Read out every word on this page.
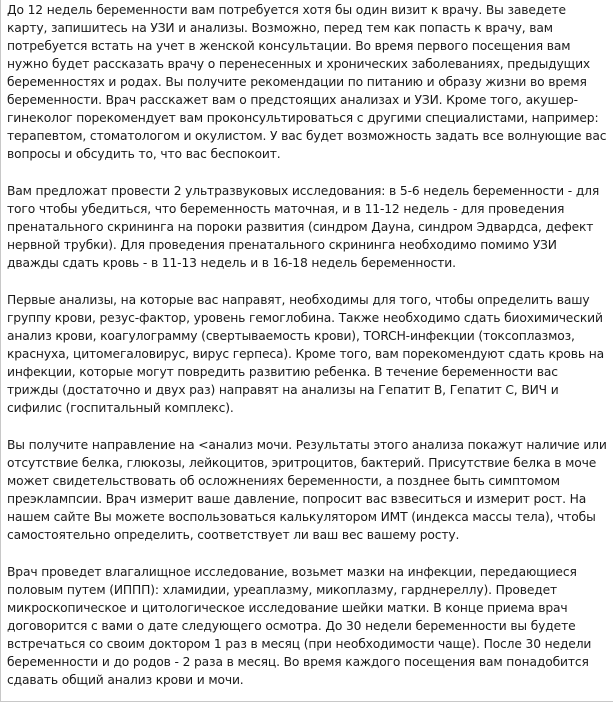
До 12 недель беременности вам потребуется хотя бы один визит к врачу. Вы заведете карту, запишитесь на УЗИ и анализы. Возможно, перед тем как попасть к врачу, вам потребуется встать на учет в женской консультации. Во время первого посещения вам нужно будет рассказать врачу о перенесенных и хронических заболеваниях, предыдущих беременностях и родах. Вы получите рекомендации по питанию и образу жизни во время беременности. Врач расскажет вам о предстоящих анализах и УЗИ. Кроме того, акушер-гинеколог порекомендует вам проконсультироваться с другими специалистами, например: терапевтом, стоматологом и окулистом. У вас будет возможность задать все волнующие вас вопросы и обсудить то, что вас беспокоит.

Вам предложат провести 2 ультразвуковых исследования: в 5-6 недель беременности - для того чтобы убедиться, что беременность маточная, и в 11-12 недель - для проведения пренатального скрининга на пороки развития (синдром Дауна, синдром Эдвардса, дефект нервной трубки). Для проведения пренатального скрининга необходимо помимо УЗИ дважды сдать кровь - в 11-13 недель и в 16-18 недель беременности.

Первые анализы, на которые вас направят, необходимы для того, чтобы определить вашу группу крови, резус-фактор, уровень гемоглобина. Также необходимо сдать биохимический анализ крови, коагулограмму (свертываемость крови), TORCH-инфекции (токсоплазмоз, краснуха, цитомегаловирус, вирус герпеса). Кроме того, вам порекомендуют сдать кровь на инфекции, которые могут повредить развитию ребенка. В течение беременности вас трижды (достаточно и двух раз) направят на анализы на Гепатит В, Гепатит С, ВИЧ и сифилис (госпитальный комплекс).

Вы получите направление на <анализ мочи. Результаты этого анализа покажут наличие или отсутствие белка, глюкозы, лейкоцитов, эритроцитов, бактерий. Присутствие белка в моче может свидетельствовать об осложнениях беременности, а позднее быть симптомом преэклампсии. Врач измерит ваше давление, попросит вас взвеситься и измерит рост. На нашем сайте Вы можете воспользоваться калькулятором ИМТ (индекса массы тела), чтобы самостоятельно определить, соответствует ли ваш вес вашему росту.

Врач проведет влагалищное исследование, возьмет мазки на инфекции, передающиеся половым путем (ИППП): хламидии, уреаплазму, микоплазму, гарднереллу). Проведет микроскопическое и цитологическое исследование шейки матки. В конце приема врач договорится с вами о дате следующего осмотра. До 30 недели беременности вы будете встречаться со своим доктором 1 раз в месяц (при необходимости чаще). После 30 недели беременности и до родов - 2 раза в месяц. Во время каждого посещения вам понадобится сдавать общий анализ крови и мочи.
